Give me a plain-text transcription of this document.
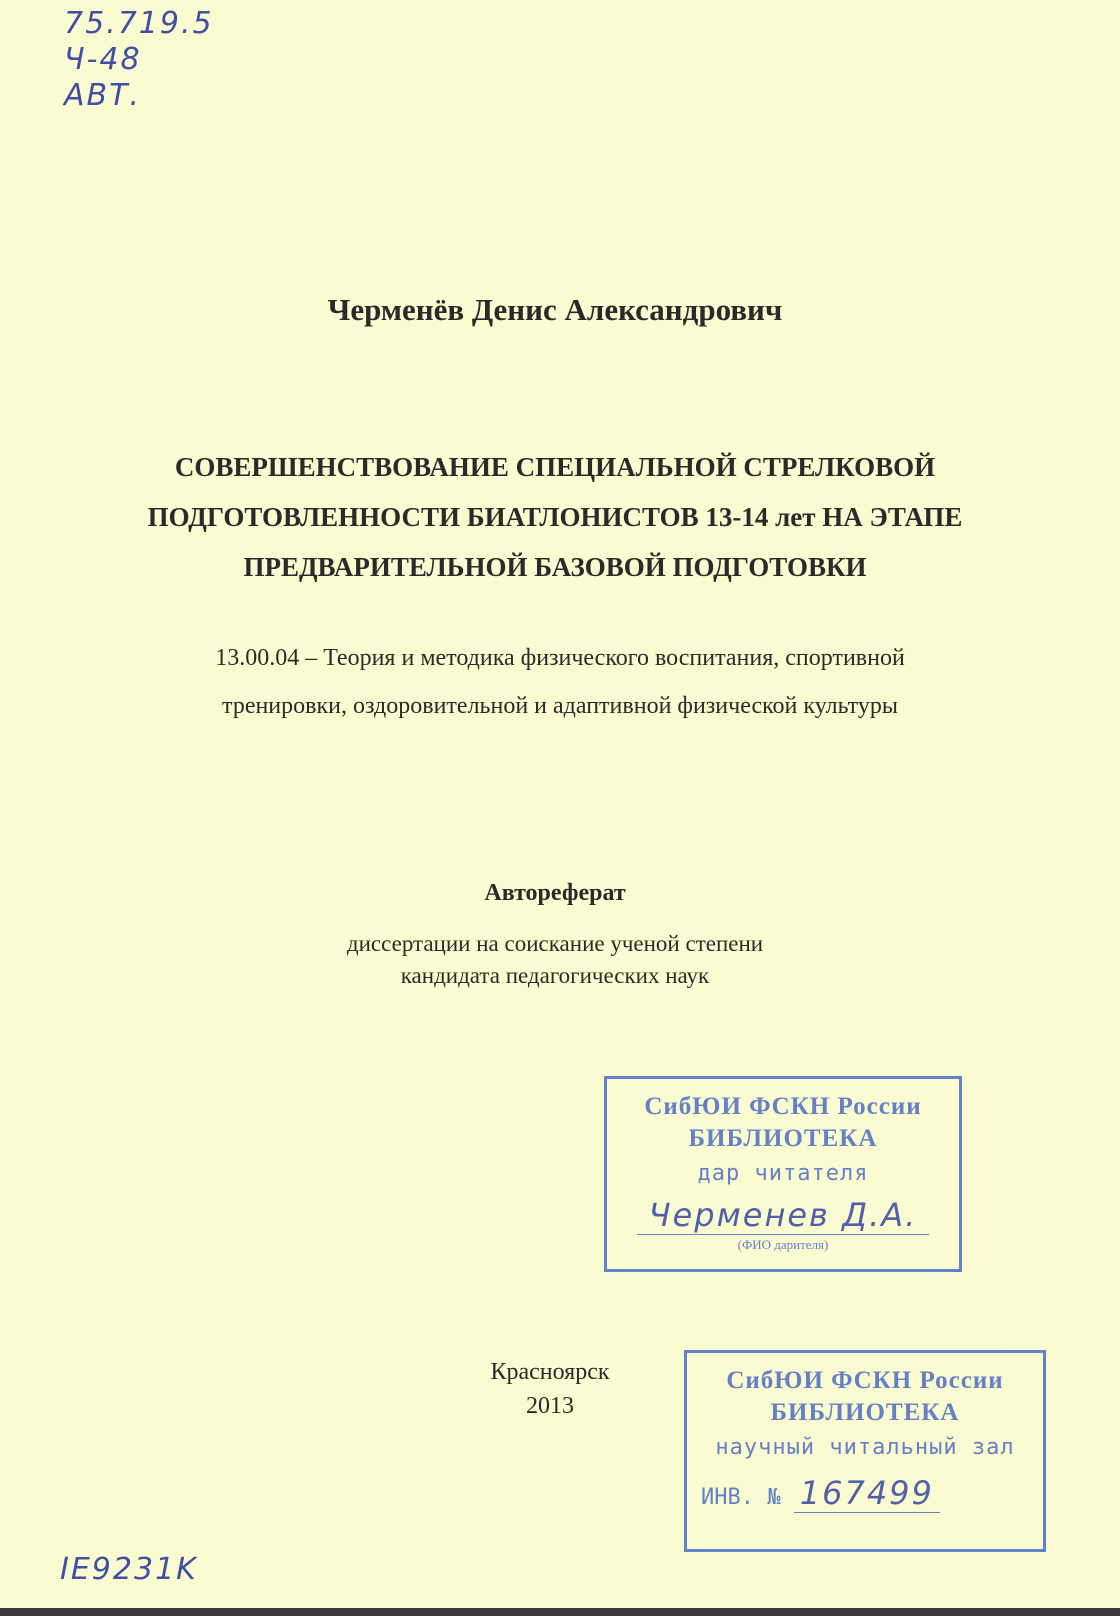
75.719.5
Ч-48
АВТ.
Черменёв Денис Александрович
СОВЕРШЕНСТВОВАНИЕ СПЕЦИАЛЬНОЙ СТРЕЛКОВОЙ
ПОДГОТОВЛЕННОСТИ БИАТЛОНИСТОВ 13-14 лет НА ЭТАПЕ
ПРЕДВАРИТЕЛЬНОЙ БАЗОВОЙ ПОДГОТОВКИ
13.00.04 – Теория и методика физического воспитания, спортивной
тренировки, оздоровительной и адаптивной физической культуры
Автореферат
диссертации на соискание ученой степени
кандидата педагогических наук
СибЮИ ФСКН России
БИБЛИОТЕКА
дар читателя
Черменев Д.А.
(ФИО дарителя)
Красноярск
2013
СибЮИ ФСКН России
БИБЛИОТЕКА
научный читальный зал
ИНВ. № 167499
IE9231K
